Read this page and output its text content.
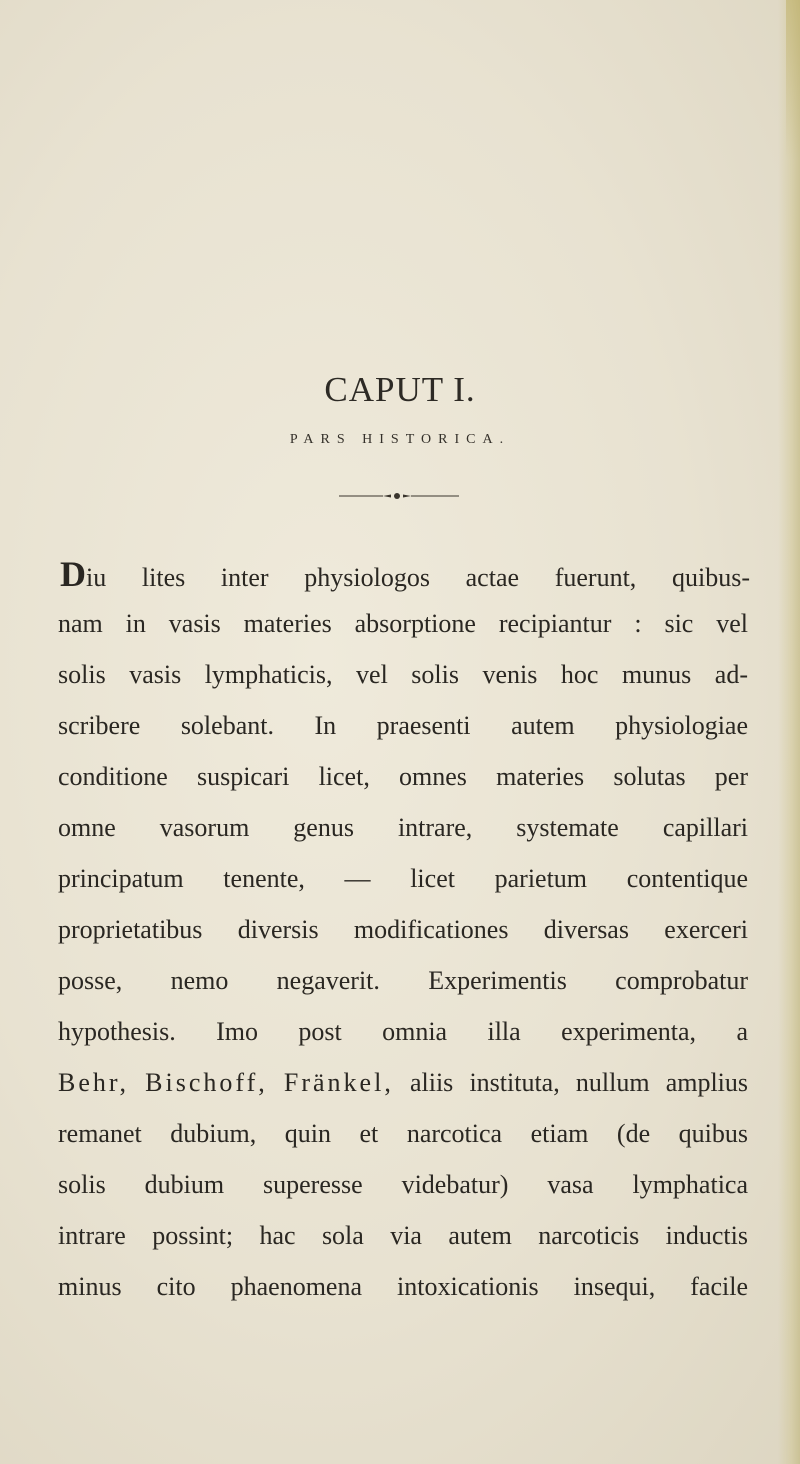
CAPUT I.
PARS HISTORICA.
Diu lites inter physiologos actae fuerunt, quibus-
nam in vasis materies absorptione recipiantur : sic vel
solis vasis lymphaticis, vel solis venis hoc munus ad-
scribere solebant. In praesenti autem physiologiae
conditione suspicari licet, omnes materies solutas per
omne vasorum genus intrare, systemate capillari
principatum tenente, — licet parietum contentique
proprietatibus diversis modificationes diversas exerceri
posse, nemo negaverit. Experimentis comprobatur
hypothesis. Imo post omnia illa experimenta, a
Behr, Bischoff, Fränkel, aliis instituta, nullum amplius
remanet dubium, quin et narcotica etiam (de quibus
solis dubium superesse videbatur) vasa lymphatica
intrare possint; hac sola via autem narcoticis inductis
minus cito phaenomena intoxicationis insequi, facile
